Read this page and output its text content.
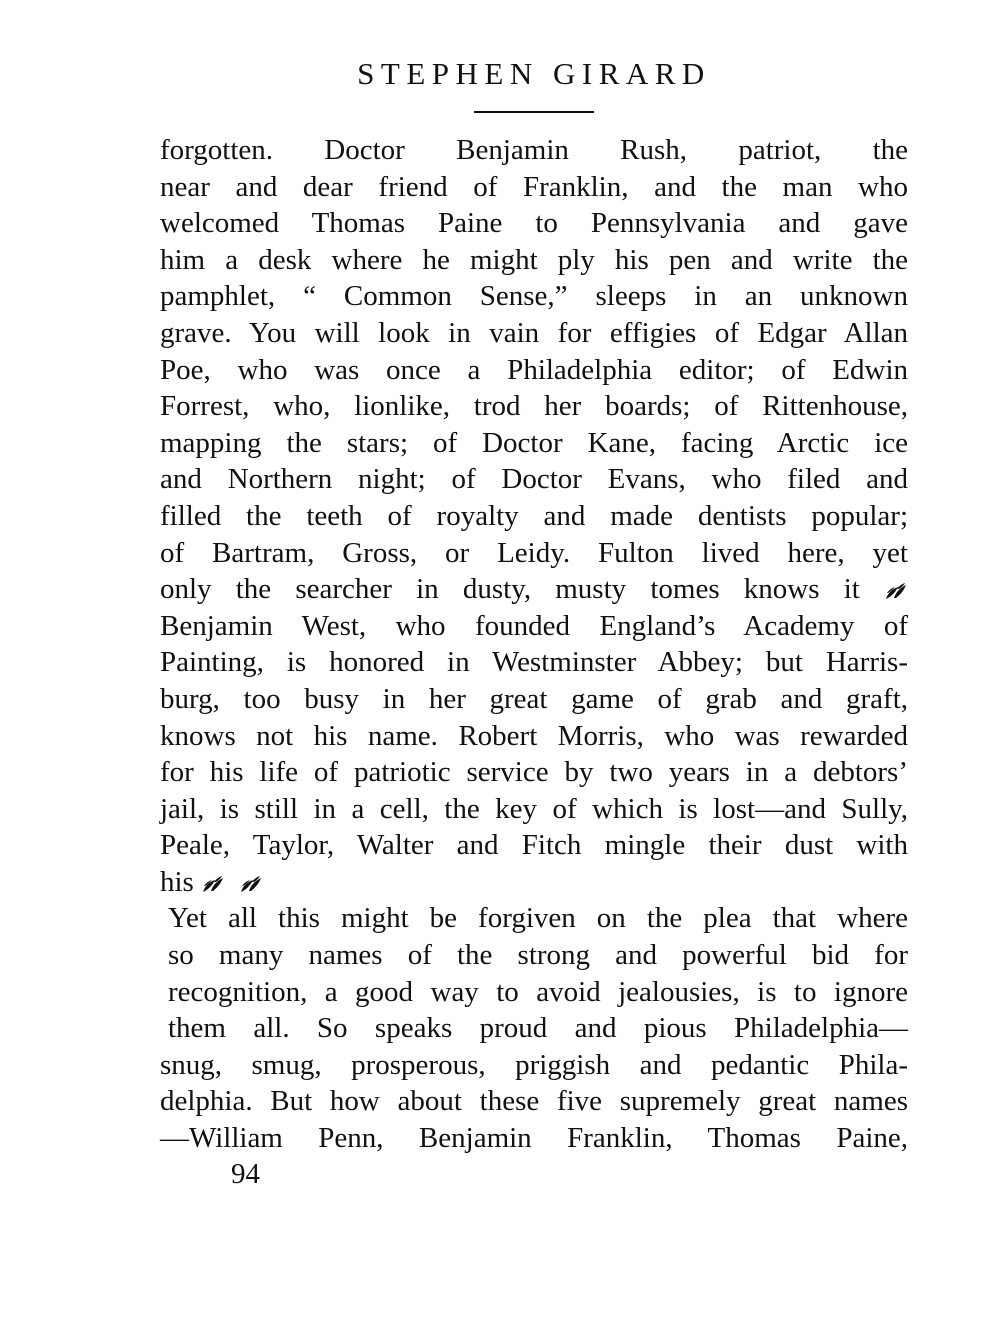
STEPHEN GIRARD
forgotten. Doctor Benjamin Rush, patriot, the
near and dear friend of Franklin, and the man who
welcomed Thomas Paine to Pennsylvania and gave
him a desk where he might ply his pen and write the
pamphlet, “ Common Sense,” sleeps in an unknown
grave. You will look in vain for effigies of Edgar Allan
Poe, who was once a Philadelphia editor; of Edwin
Forrest, who, lionlike, trod her boards; of Rittenhouse,
mapping the stars; of Doctor Kane, facing Arctic ice
and Northern night; of Doctor Evans, who filed and
filled the teeth of royalty and made dentists popular;
of Bartram, Gross, or Leidy. Fulton lived here, yet
only the searcher in dusty, musty tomes knows it
Benjamin West, who founded England’s Academy of
Painting, is honored in Westminster Abbey; but Harris-
burg, too busy in her great game of grab and graft,
knows not his name. Robert Morris, who was rewarded
for his life of patriotic service by two years in a debtors’
jail, is still in a cell, the key of which is lost—and Sully,
Peale, Taylor, Walter and Fitch mingle their dust with
his
Yet all this might be forgiven on the plea that where
so many names of the strong and powerful bid for
recognition, a good way to avoid jealousies, is to ignore
them all. So speaks proud and pious Philadelphia—
snug, smug, prosperous, priggish and pedantic Phila-
delphia. But how about these five supremely great names
—William Penn, Benjamin Franklin, Thomas Paine,
94
